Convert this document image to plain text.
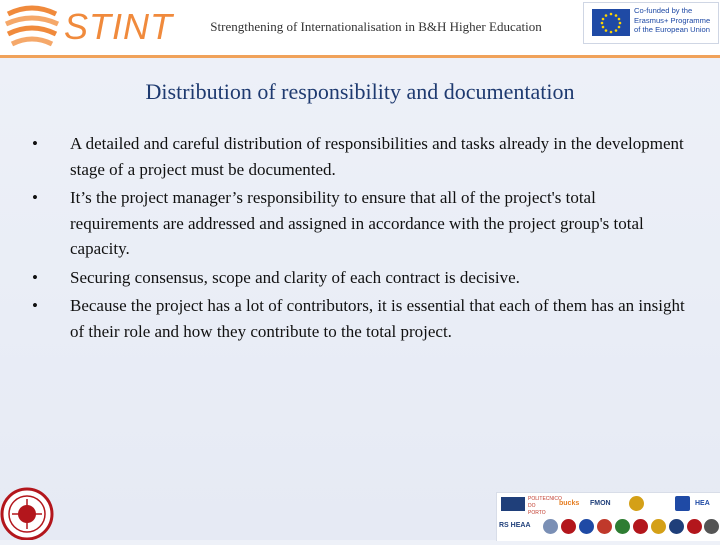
STINT	Strengthening of Internationalisation in B&H Higher Education
Co-funded by the
Erasmus+ Programme
of the European Union
Distribution of responsibility and documentation
• A detailed and careful distribution of responsibilities and tasks already in the development stage of a project must be documented.
• It’s the project manager’s responsibility to ensure that all of the project's total requirements are addressed and assigned in accordance with the project group's total capacity.
• Securing consensus, scope and clarity of each contract is decisive.
• Because the project has a lot of contributors, it is essential that each of them has an insight of their role and how they contribute to the total project.
POLITECNICO DO PORTO
bucks	FMON	HEA
RS HEAA
